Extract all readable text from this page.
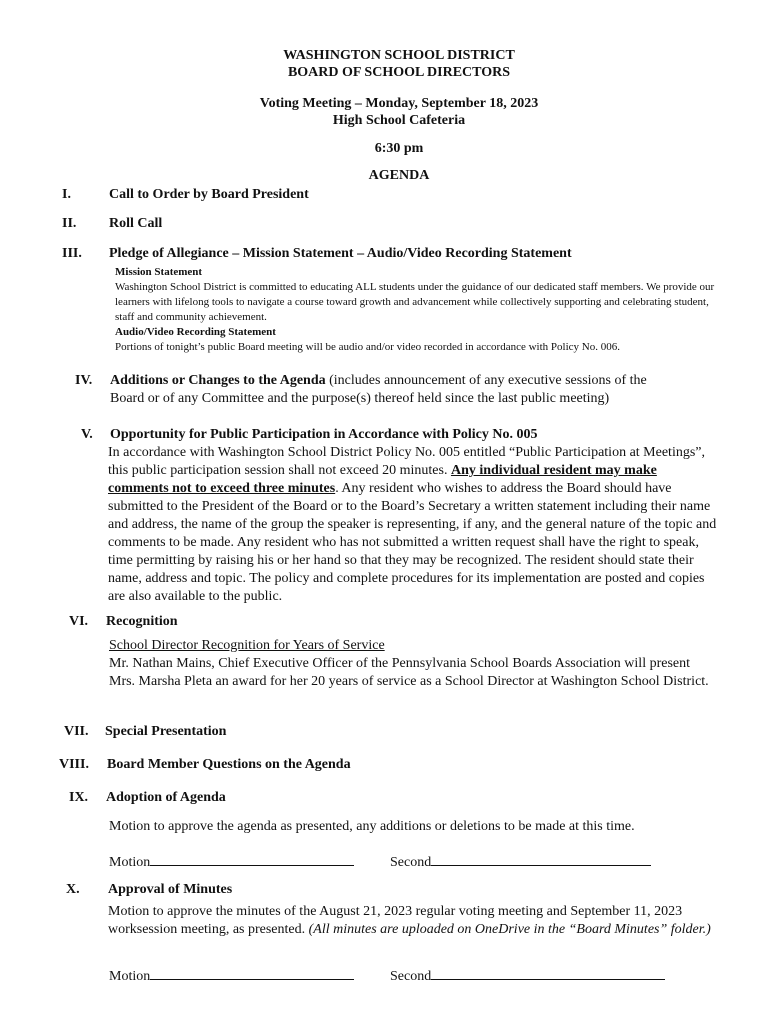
WASHINGTON SCHOOL DISTRICT
BOARD OF SCHOOL DIRECTORS
Voting Meeting – Monday, September 18, 2023
High School Cafeteria
6:30 pm
AGENDA
I.	Call to Order by Board President
II. Roll Call
III. Pledge of Allegiance – Mission Statement – Audio/Video Recording Statement
Mission Statement
Washington School District is committed to educating ALL students under the guidance of our dedicated staff members. We provide our learners with lifelong tools to navigate a course toward growth and advancement while collectively supporting and celebrating student, staff and community achievement.
Audio/Video Recording Statement
Portions of tonight’s public Board meeting will be audio and/or video recorded in accordance with Policy No. 006.
IV. Additions or Changes to the Agenda (includes announcement of any executive sessions of the
Board or of any Committee and the purpose(s) thereof held since the last public meeting)
V. Opportunity for Public Participation in Accordance with Policy No. 005
In accordance with Washington School District Policy No. 005 entitled “Public Participation at Meetings”, this public participation session shall not exceed 20 minutes. Any individual resident may make comments not to exceed three minutes. Any resident who wishes to address the Board should have submitted to the President of the Board or to the Board’s Secretary a written statement including their name and address, the name of the group the speaker is representing, if any, and the general nature of the topic and comments to be made. Any resident who has not submitted a written request shall have the right to speak, time permitting by raising his or her hand so that they may be recognized. The resident should state their name, address and topic. The policy and complete procedures for its implementation are posted and copies are also available to the public.
VI. Recognition
School Director Recognition for Years of Service
Mr. Nathan Mains, Chief Executive Officer of the Pennsylvania School Boards Association will present Mrs. Marsha Pleta an award for her 20 years of service as a School Director at Washington School District.
VII. Special Presentation
VIII. Board Member Questions on the Agenda
IX. Adoption of Agenda
Motion to approve the agenda as presented, any additions or deletions to be made at this time.
Motion	Second
X. Approval of Minutes
Motion to approve the minutes of the August 21, 2023 regular voting meeting and September 11, 2023 worksession meeting, as presented. (All minutes are uploaded on OneDrive in the “Board Minutes” folder.)
Motion	Second
